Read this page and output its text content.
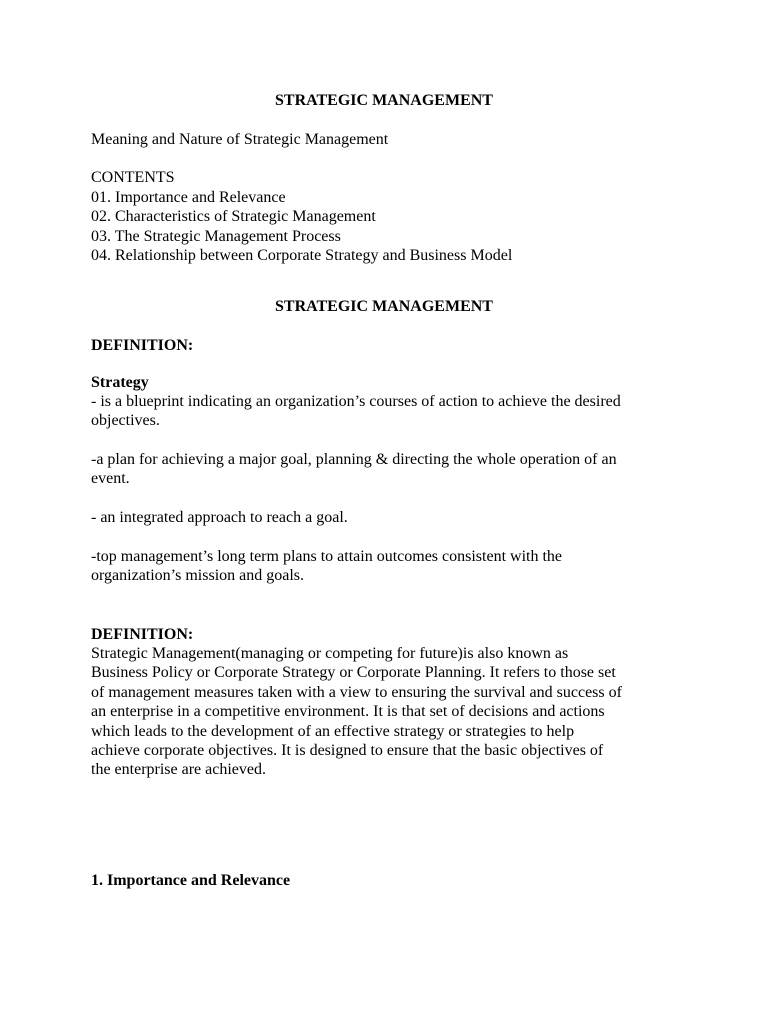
STRATEGIC MANAGEMENT
Meaning and Nature of Strategic Management
CONTENTS
01. Importance and Relevance
02. Characteristics of Strategic Management
03. The Strategic Management Process
04. Relationship between Corporate Strategy and Business Model
STRATEGIC MANAGEMENT
DEFINITION:
Strategy
- is a blueprint indicating an organization’s courses of action to achieve the desired
objectives.
-a plan for achieving a major goal, planning & directing the whole operation of an
event.
- an integrated approach to reach a goal.
-top management’s long term plans to attain outcomes consistent with the
organization’s mission and goals.
DEFINITION:
Strategic Management(managing or competing for future)is also known as
Business Policy or Corporate Strategy or Corporate Planning. It refers to those set
of management measures taken with a view to ensuring the survival and success of
an enterprise in a competitive environment. It is that set of decisions and actions
which leads to the development of an effective strategy or strategies to help
achieve corporate objectives. It is designed to ensure that the basic objectives of
the enterprise are achieved.
1. Importance and Relevance
